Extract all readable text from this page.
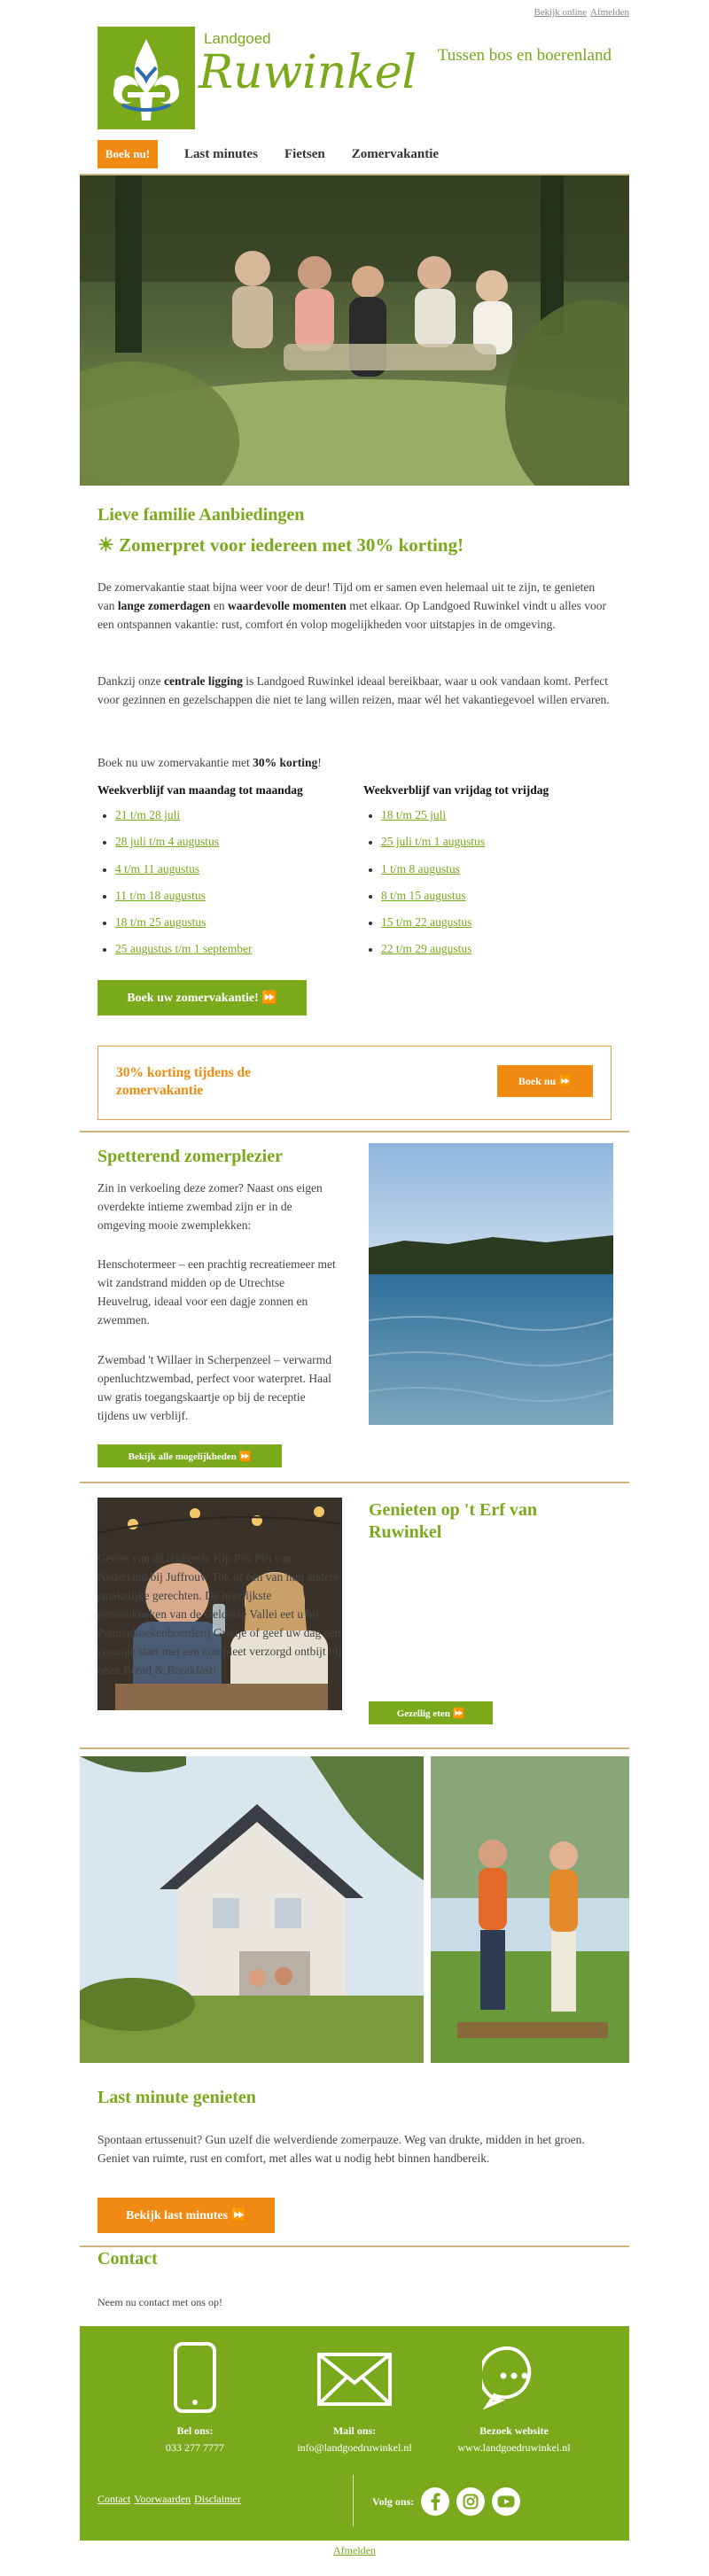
Bekijk online Afmelden
Landgoed
Ruwinkel Tussen bos en boerenland
Boek nu!	Last minutes Fietsen Zomervakantie
Lieve familie Aanbiedingen
☀ Zomerpret voor iedereen met 30% korting!

De zomervakantie staat bijna weer voor de deur! Tijd om er samen even helemaal uit te zijn, te genieten van lange zomerdagen en waardevolle momenten met elkaar. Op Landgoed Ruwinkel vindt u alles voor een ontspannen vakantie: rust, comfort én volop mogelijkheden voor uitstapjes in de omgeving.

Dankzij onze centrale ligging is Landgoed Ruwinkel ideaal bereikbaar, waar u ook vandaan komt. Perfect voor gezinnen en gezelschappen die niet te lang willen reizen, maar wél het vakantiegevoel willen ervaren.

Boek nu uw zomervakantie met 30% korting!

Weekverblijf van maandag tot maandag
21 t/m 28 juli
28 juli t/m 4 augustus
4 t/m 11 augustus
11 t/m 18 augustus
18 t/m 25 augustus
25 augustus t/m 1 september
Weekverblijf van vrijdag tot vrijdag
18 t/m 25 juli
25 juli t/m 1 augustus
1 t/m 8 augustus
8 t/m 15 augustus
15 t/m 22 augustus
22 t/m 29 augustus
Boek uw zomervakantie! ⏩
30% korting tijdens de zomervakantie
Boek nu ⏩
Spetterend zomerplezier

Zin in verkoeling deze zomer? Naast ons eigen overdekte intieme zwembad zijn er in de omgeving mooie zwemplekken:

Henschotermeer – een prachtig recreatiemeer met wit zandstrand midden op de Utrechtse Heuvelrug, ideaal voor een dagje zonnen en zwemmen.

Zwembad 't Willaer in Scherpenzeel – verwarmd openluchtzwembad, perfect voor waterpret. Haal uw gratis toegangskaartje op bij de receptie tijdens uw verblijf.

Bekijk alle mogelijkheden ⏩
Genieten op 't Erf van Ruwinkel

Geniet van dé lekkerste Kip Piri Piri van Nederland bij Juffrouw Tok of één van hun andere smakelijke gerechten. De heerlijkste pannenkoeken van de Gelderse Vallei eet u bij Pannenkoekenboerderij Grietje of geef uw dag een zonnige start met een compleet verzorgd ontbijt bij onze Bread & Breakfast!

Gezellig eten ⏩
Last minute genieten

Spontaan ertussenuit? Gun uzelf die welverdiende zomerpauze. Weg van drukte, midden in het groen. Geniet van ruimte, rust en comfort, met alles wat u nodig hebt binnen handbereik.

Bekijk last minutes ⏩
Contact

Neem nu contact met ons op!

Bel ons:
033 277 7777
Mail ons:
info@landgoedruwinkel.nl
Bezoek website
www.landgoedruwinkel.nl
Contact Voorwaarden Disclaimer	Volg ons:
Afmelden
